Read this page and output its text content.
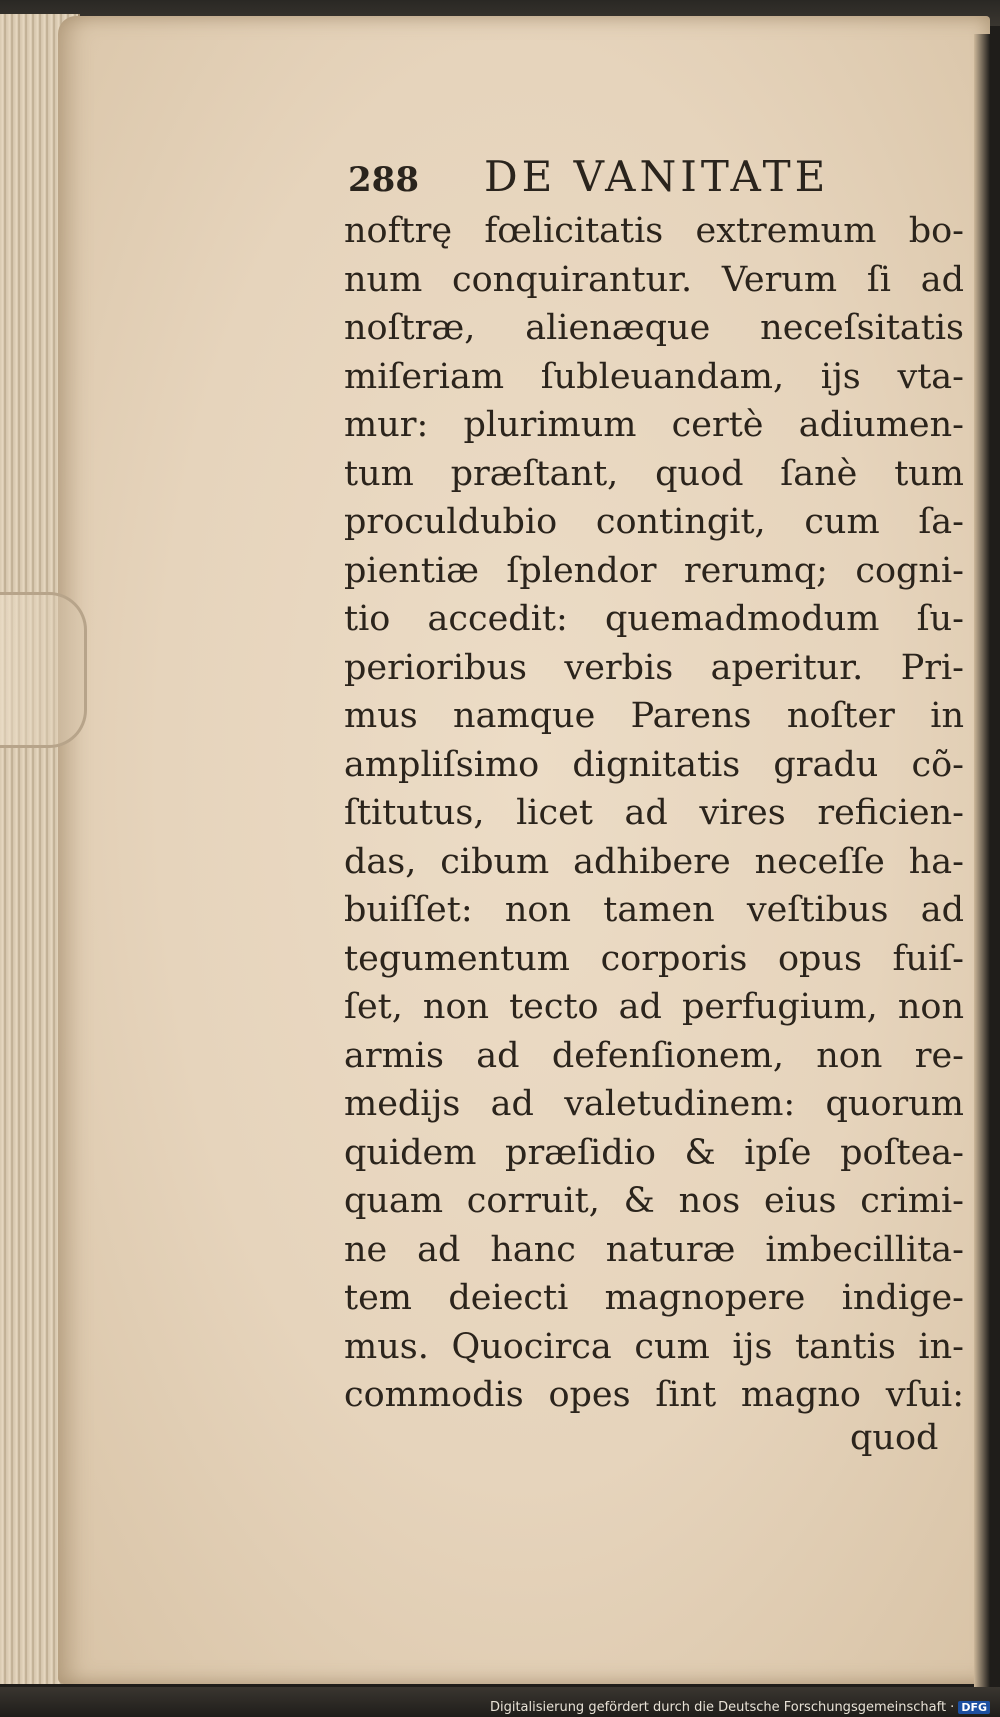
288 DE VANITATE
noftrę fœlicitatis extremum bo-
num conquirantur. Verum ſi ad
noſtræ, alienæque neceſsitatis
miſeriam ſubleuandam, ijs vta-
mur: plurimum certè adiumen-
tum præſtant, quod ſanè tum
proculdubio contingit, cum ſa-
pientiæ ſplendor rerumq; cogni-
tio accedit: quemadmodum ſu-
perioribus verbis aperitur. Pri-
mus namque Parens noſter in
ampliſsimo dignitatis gradu cõ-
ſtitutus, licet ad vires reficien-
das, cibum adhibere neceſſe ha-
buiſſet: non tamen veſtibus ad
tegumentum corporis opus fuiſ-
ſet, non tecto ad perfugium, non
armis ad defenſionem, non re-
medijs ad valetudinem: quorum
quidem præſidio & ipſe poſtea-
quam corruit, & nos eius crimi-
ne ad hanc naturæ imbecillita-
tem deiecti magnopere indige-
mus. Quocirca cum ijs tantis in-
commodis opes ſint magno vſui:
quod
Digitalisierung gefördert durch die Deutsche Forschungsgemeinschaft · DFG
